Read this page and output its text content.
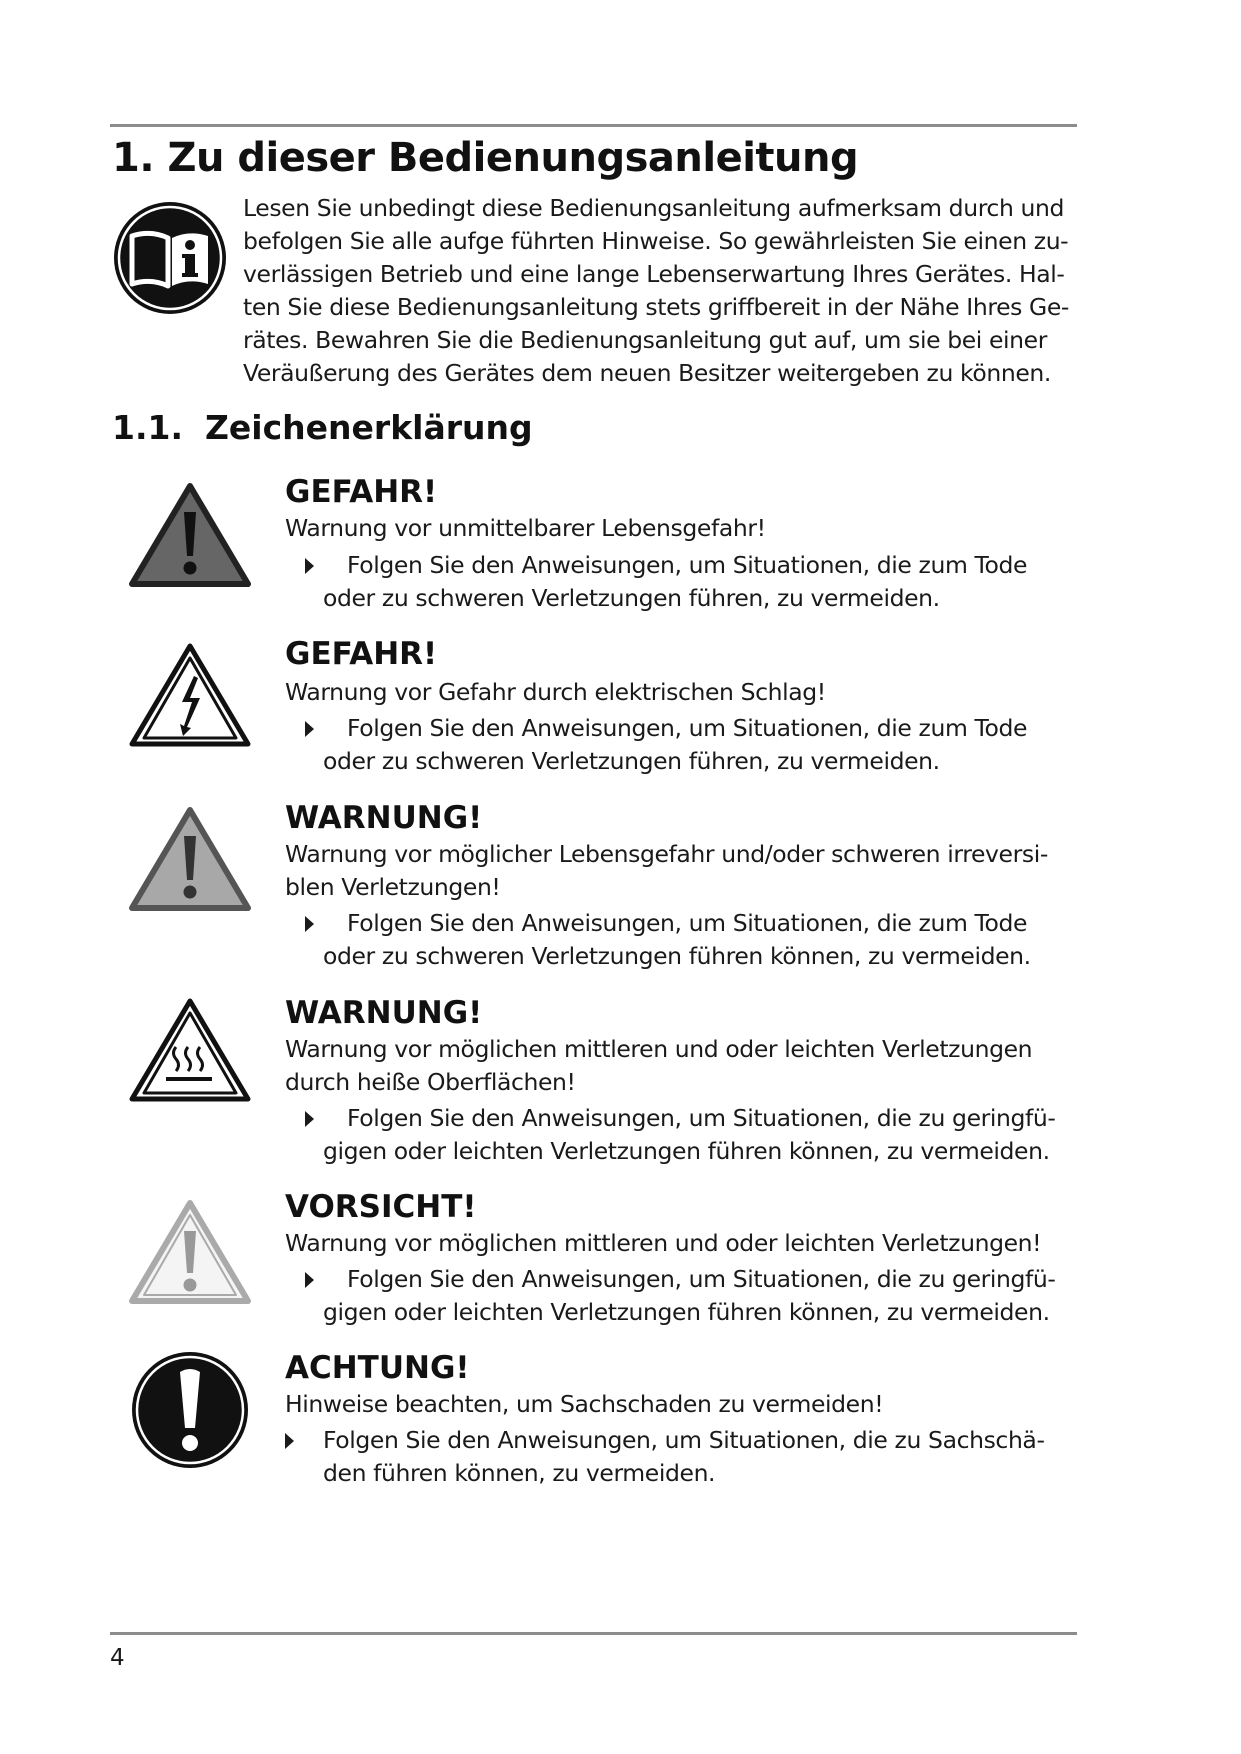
1. Zu dieser Bedienungsanleitung

Lesen Sie unbedingt diese Bedienungsanleitung aufmerksam durch und befolgen Sie alle aufge führten Hinweise. So gewährleisten Sie einen zu-verlässigen Betrieb und eine lange Lebenserwartung Ihres Gerätes. Hal-ten Sie diese Bedienungsanleitung stets griffbereit in der Nähe Ihres Ge-rätes. Bewahren Sie die Bedienungsanleitung gut auf, um sie bei einer Veräußerung des Gerätes dem neuen Besitzer weitergeben zu können.

1.1. Zeichenerklärung
GEFAHR!

Warnung vor unmittelbarer Lebensgefahr!

Folgen Sie den Anweisungen, um Situationen, die zum Tode oder zu schweren Verletzungen führen, zu vermeiden.

GEFAHR!

Warnung vor Gefahr durch elektrischen Schlag!

Folgen Sie den Anweisungen, um Situationen, die zum Tode oder zu schweren Verletzungen führen, zu vermeiden.

WARNUNG!

Warnung vor möglicher Lebensgefahr und/oder schweren irreversi-blen Verletzungen!

Folgen Sie den Anweisungen, um Situationen, die zum Tode oder zu schweren Verletzungen führen können, zu vermeiden.

WARNUNG!

Warnung vor möglichen mittleren und oder leichten Verletzungen durch heiße Oberflächen!

Folgen Sie den Anweisungen, um Situationen, die zu geringfü-gigen oder leichten Verletzungen führen können, zu vermeiden.

VORSICHT!

Warnung vor möglichen mittleren und oder leichten Verletzungen!

Folgen Sie den Anweisungen, um Situationen, die zu geringfü-gigen oder leichten Verletzungen führen können, zu vermeiden.

ACHTUNG!

Hinweise beachten, um Sachschaden zu vermeiden!

Folgen Sie den Anweisungen, um Situationen, die zu Sachschä-den führen können, zu vermeiden.

4
